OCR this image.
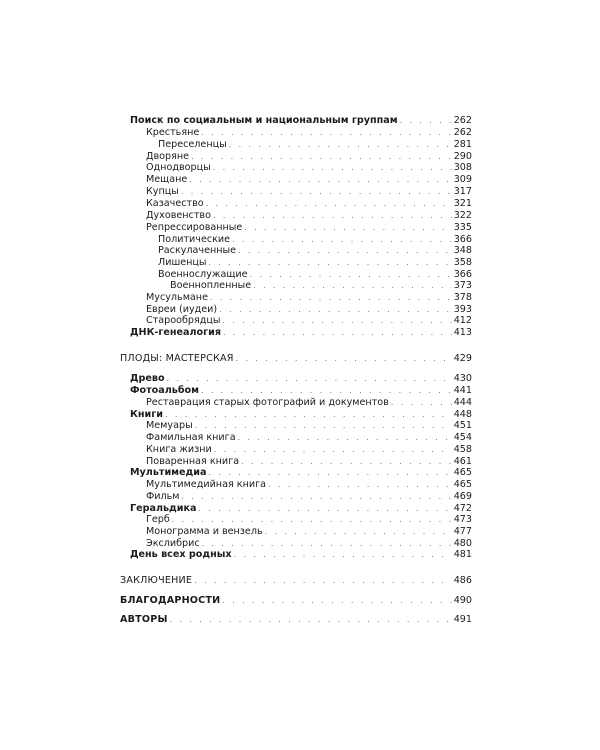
Поиск по социальным и национальным группам . . .	262
Крестьяне . . .	262
Переселенцы . . .	281
Дворяне . . .	290
Однодворцы . . .	308
Мещане . . .	309
Купцы . . .	317
Казачество . . .	321
Духовенство . . .	322
Репрессированные . . .	335
Политические . . .	366
Раскулаченные . . .	348
Лишенцы . . .	358
Военнослужащие . . .	366
Военнопленные . . .	373
Мусульмане . . .	378
Евреи (иудеи) . . .	393
Старообрядцы . . .	412
ДНК-генеалогия . . .	413
ПЛОДЫ: МАСТЕРСКАЯ . . .	429
Древо . . .	430
Фотоальбом . . .	441
Реставрация старых фотографий и документов . . .	444
Книги . . .	448
Мемуары . . .	451
Фамильная книга . . .	454
Книга жизни . . .	458
Поваренная книга . . .	461
Мультимедиа . . .	465
Мультимедийная книга . . .	465
Фильм . . .	469
Геральдика . . .	472
Герб . . .	473
Монограмма и вензель . . .	477
Экслибрис . . .	480
День всех родных . . .	481
ЗАКЛЮЧЕНИЕ . . .	486
БЛАГОДАРНОСТИ . . .	490
АВТОРЫ . . .	491
